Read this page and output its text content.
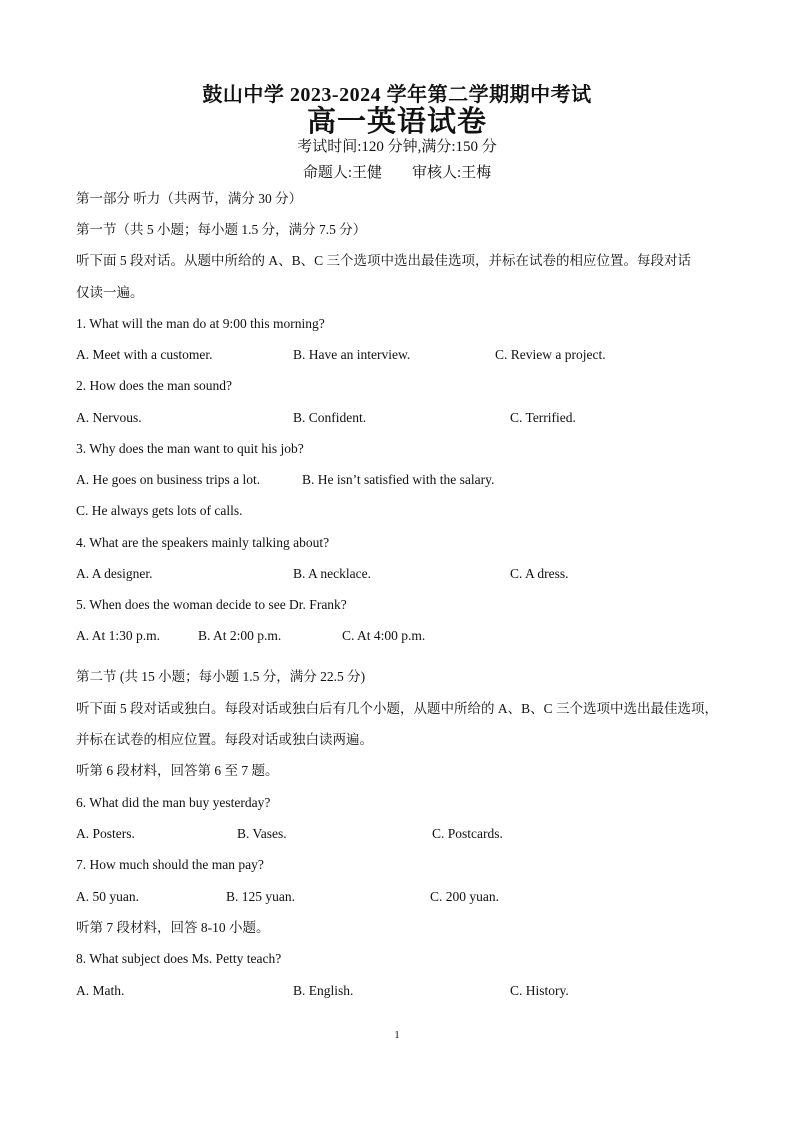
鼓山中学 2023-2024 学年第二学期期中考试
高一英语试卷
考试时间:120 分钟,满分:150 分
命题人:王健 审核人:王梅
第一部分 听力（共两节，满分 30 分）
第一节（共 5 小题；每小题 1.5 分，满分 7.5 分）
听下面 5 段对话。从题中所给的 A、B、C 三个选项中选出最佳选项，并标在试卷的相应位置。每段对话
仅读一遍。
1. What will the man do at 9:00 this morning?
A. Meet with a customer.	B. Have an interview.	C. Review a project.
2. How does the man sound?
A. Nervous.	B. Confident.	C. Terrified.
3. Why does the man want to quit his job?
A. He goes on business trips a lot.	B. He isn’t satisfied with the salary.
C. He always gets lots of calls.
4. What are the speakers mainly talking about?
A. A designer.	B. A necklace.	C. A dress.
5. When does the woman decide to see Dr. Frank?
A. At 1:30 p.m.	B. At 2:00 p.m.	C. At 4:00 p.m.
第二节 (共 15 小题；每小题 1.5 分，满分 22.5 分)
听下面 5 段对话或独白。每段对话或独白后有几个小题，从题中所给的 A、B、C 三个选项中选出最佳选项，
并标在试卷的相应位置。每段对话或独白读两遍。
听第 6 段材料，回答第 6 至 7 题。
6. What did the man buy yesterday?
A. Posters.	B. Vases.	C. Postcards.
7. How much should the man pay?
A. 50 yuan.	B. 125 yuan.	C. 200 yuan.
听第 7 段材料，回答 8-10 小题。
8. What subject does Ms. Petty teach?
A. Math.	B. English.	C. History.
1
